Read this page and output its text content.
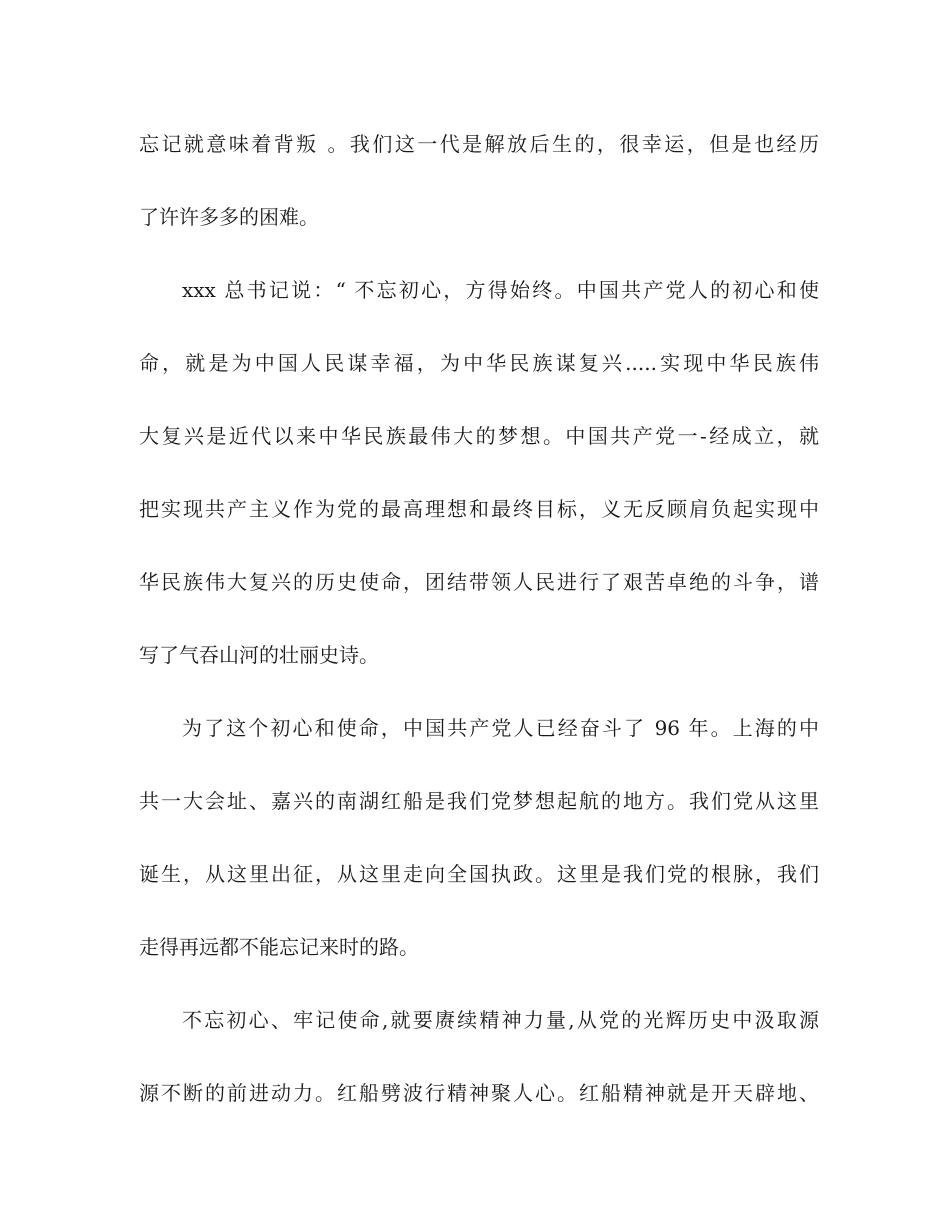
忘记就意味着背叛 。我们这一代是解放后生的，很幸运，但是也经历
了许许多多的困难。
xxx 总书记说：“ 不忘初心，方得始终。中国共产党人的初心和使
命，就是为中国人民谋幸福，为中华民族谋复兴.....实现中华民族伟
大复兴是近代以来中华民族最伟大的梦想。中国共产党一-经成立，就
把实现共产主义作为党的最高理想和最终目标，义无反顾肩负起实现中
华民族伟大复兴的历史使命，团结带领人民进行了艰苦卓绝的斗争，谱
写了气吞山河的壮丽史诗。
为了这个初心和使命，中国共产党人已经奋斗了 96 年。上海的中
共一大会址、嘉兴的南湖红船是我们党梦想起航的地方。我们党从这里
诞生，从这里出征，从这里走向全国执政。这里是我们党的根脉，我们
走得再远都不能忘记来时的路。
不忘初心、牢记使命,就要赓续精神力量,从党的光辉历史中汲取源
源不断的前进动力。红船劈波行精神聚人心。红船精神就是开天辟地、
